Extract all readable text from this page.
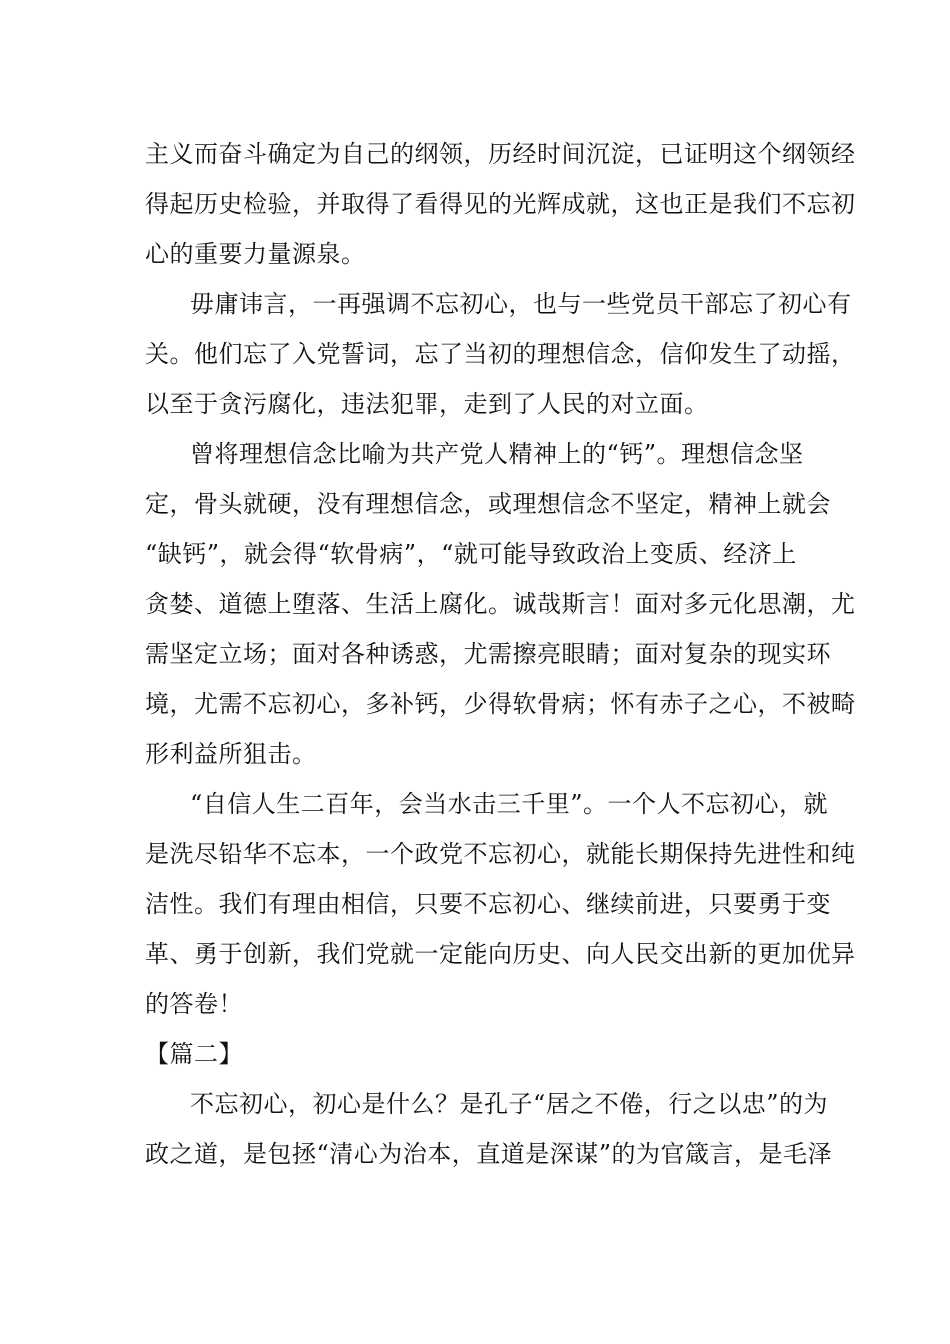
主义而奋斗确定为自己的纲领，历经时间沉淀，已证明这个纲领经
得起历史检验，并取得了看得见的光辉成就，这也正是我们不忘初
心的重要力量源泉。
毋庸讳言，一再强调不忘初心，也与一些党员干部忘了初心有
关。他们忘了入党誓词，忘了当初的理想信念，信仰发生了动摇，
以至于贪污腐化，违法犯罪，走到了人民的对立面。
曾将理想信念比喻为共产党人精神上的“钙”。理想信念坚
定，骨头就硬，没有理想信念，或理想信念不坚定，精神上就会
“缺钙”，就会得“软骨病”，“就可能导致政治上变质、经济上
贪婪、道德上堕落、生活上腐化。诚哉斯言！面对多元化思潮，尤
需坚定立场；面对各种诱惑，尤需擦亮眼睛；面对复杂的现实环
境，尤需不忘初心，多补钙，少得软骨病；怀有赤子之心，不被畸
形利益所狙击。
“自信人生二百年，会当水击三千里”。一个人不忘初心，就
是洗尽铅华不忘本，一个政党不忘初心，就能长期保持先进性和纯
洁性。我们有理由相信，只要不忘初心、继续前进，只要勇于变
革、勇于创新，我们党就一定能向历史、向人民交出新的更加优异
的答卷！
【篇二】
不忘初心，初心是什么？是孔子“居之不倦，行之以忠”的为
政之道，是包拯“清心为治本，直道是深谋”的为官箴言，是毛泽
